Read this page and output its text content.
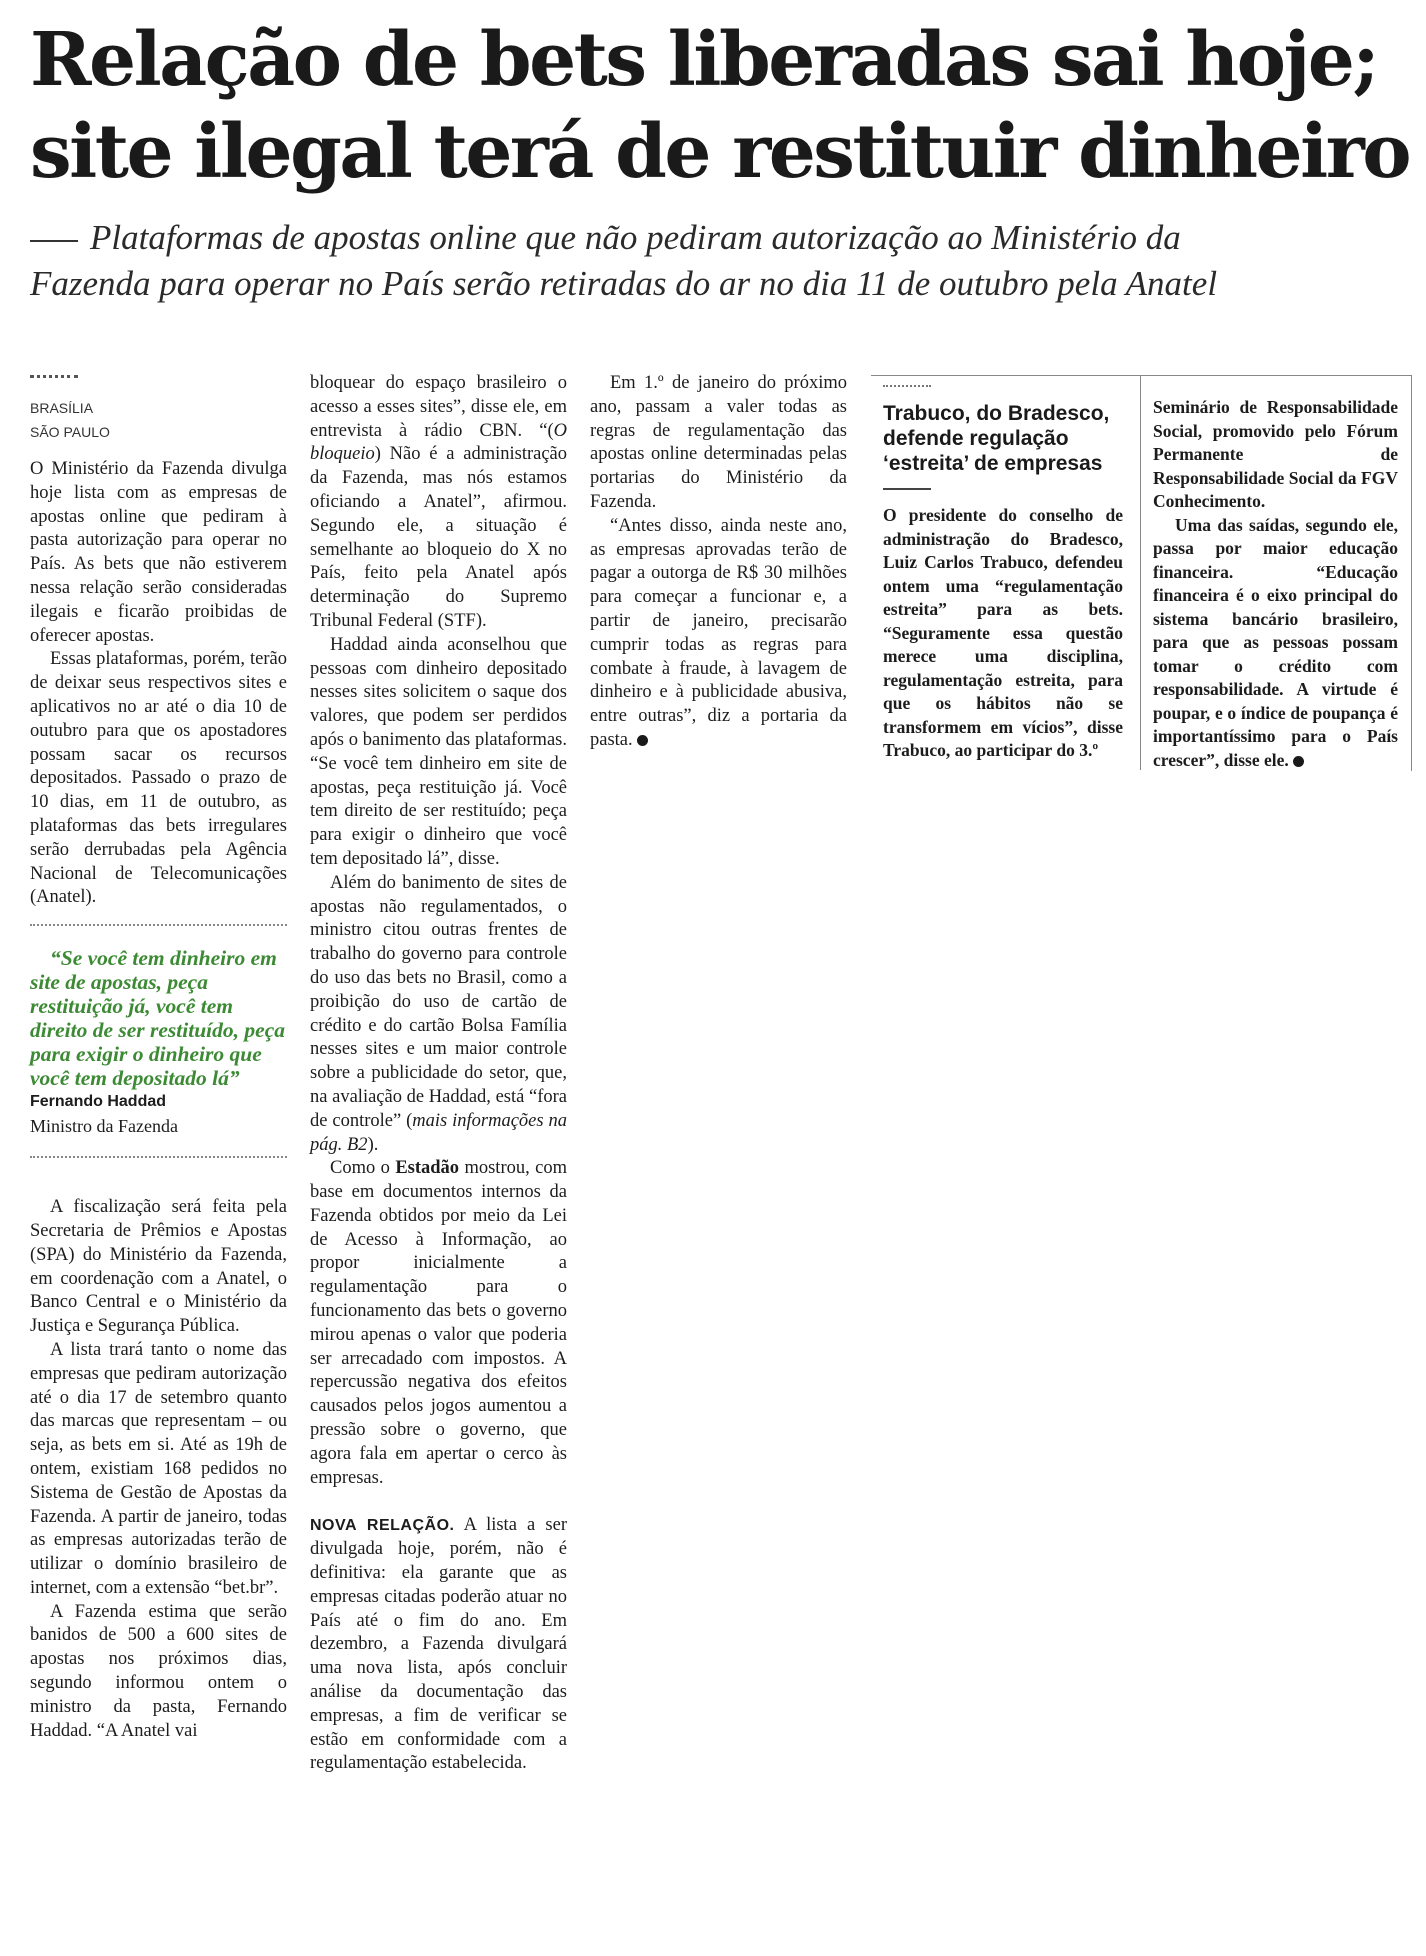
Relação de bets liberadas sai hoje;
site ilegal terá de restituir dinheiro
Plataformas de apostas online que não pediram autorização ao Ministério da
Fazenda para operar no País serão retiradas do ar no dia 11 de outubro pela Anatel
BRASÍLIA
SÃO PAULO

O Ministério da Fazenda divulga hoje lista com as empresas de apostas online que pediram à pasta autorização para operar no País. As bets que não estiverem nessa relação serão consideradas ilegais e ficarão proibidas de oferecer apostas.

Essas plataformas, porém, terão de deixar seus respectivos sites e aplicativos no ar até o dia 10 de outubro para que os apostadores possam sacar os recursos depositados. Passado o prazo de 10 dias, em 11 de outubro, as plataformas das bets irregulares serão derrubadas pela Agência Nacional de Telecomunicações (Anatel).

“Se você tem dinheiro em site de apostas, peça restituição já, você tem direito de ser restituído, peça para exigir o dinheiro que você tem depositado lá”

Fernando Haddad
Ministro da Fazenda

A fiscalização será feita pela Secretaria de Prêmios e Apostas (SPA) do Ministério da Fazenda, em coordenação com a Anatel, o Banco Central e o Ministério da Justiça e Segurança Pública.

A lista trará tanto o nome das empresas que pediram autorização até o dia 17 de setembro quanto das marcas que representam – ou seja, as bets em si. Até as 19h de ontem, existiam 168 pedidos no Sistema de Gestão de Apostas da Fazenda. A partir de janeiro, todas as empresas autorizadas terão de utilizar o domínio brasileiro de internet, com a extensão “bet.br”.

A Fazenda estima que serão banidos de 500 a 600 sites de apostas nos próximos dias, segundo informou ontem o ministro da pasta, Fernando Haddad. “A Anatel vai

bloquear do espaço brasileiro o acesso a esses sites”, disse ele, em entrevista à rádio CBN. “(O bloqueio) Não é a administração da Fazenda, mas nós estamos oficiando a Anatel”, afirmou. Segundo ele, a situação é semelhante ao bloqueio do X no País, feito pela Anatel após determinação do Supremo Tribunal Federal (STF).

Haddad ainda aconselhou que pessoas com dinheiro depositado nesses sites solicitem o saque dos valores, que podem ser perdidos após o banimento das plataformas. “Se você tem dinheiro em site de apostas, peça restituição já. Você tem direito de ser restituído; peça para exigir o dinheiro que você tem depositado lá”, disse.

Além do banimento de sites de apostas não regulamentados, o ministro citou outras frentes de trabalho do governo para controle do uso das bets no Brasil, como a proibição do uso de cartão de crédito e do cartão Bolsa Família nesses sites e um maior controle sobre a publicidade do setor, que, na avaliação de Haddad, está “fora de controle” (mais informações na pág. B2).

Como o Estadão mostrou, com base em documentos internos da Fazenda obtidos por meio da Lei de Acesso à Informação, ao propor inicialmente a regulamentação para o funcionamento das bets o governo mirou apenas o valor que poderia ser arrecadado com impostos. A repercussão negativa dos efeitos causados pelos jogos aumentou a pressão sobre o governo, que agora fala em apertar o cerco às empresas.

NOVA RELAÇÃO. A lista a ser divulgada hoje, porém, não é definitiva: ela garante que as empresas citadas poderão atuar no País até o fim do ano. Em dezembro, a Fazenda divulgará uma nova lista, após concluir análise da documentação das empresas, a fim de verificar se estão em conformidade com a regulamentação estabelecida.

Em 1.º de janeiro do próximo ano, passam a valer todas as regras de regulamentação das apostas online determinadas pelas portarias do Ministério da Fazenda.

“Antes disso, ainda neste ano, as empresas aprovadas terão de pagar a outorga de R$ 30 milhões para começar a funcionar e, a partir de janeiro, precisarão cumprir todas as regras para combate à fraude, à lavagem de dinheiro e à publicidade abusiva, entre outras”, diz a portaria da pasta.

Trabuco, do Bradesco,
defende regulação
‘estreita’ de empresas

O presidente do conselho de administração do Bradesco, Luiz Carlos Trabuco, defendeu ontem uma “regulamentação estreita” para as bets. “Seguramente essa questão merece uma disciplina, regulamentação estreita, para que os hábitos não se transformem em vícios”, disse Trabuco, ao participar do 3.º

Seminário de Responsabilidade Social, promovido pelo Fórum Permanente de Responsabilidade Social da FGV Conhecimento.

Uma das saídas, segundo ele, passa por maior educação financeira. “Educação financeira é o eixo principal do sistema bancário brasileiro, para que as pessoas possam tomar o crédito com responsabilidade. A virtude é poupar, e o índice de poupança é importantíssimo para o País crescer”, disse ele.
